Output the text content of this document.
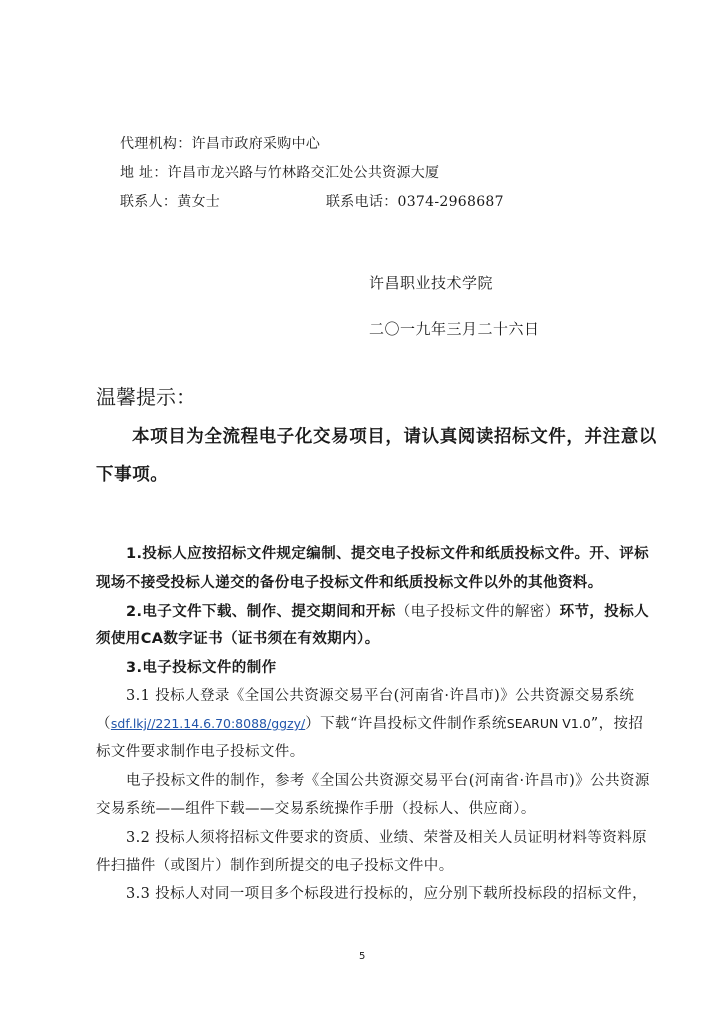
代理机构：许昌市政府采购中心
地 址：许昌市龙兴路与竹林路交汇处公共资源大厦
联系人：黄女士	联系电话：0374-2968687
许昌职业技术学院
二〇一九年三月二十六日
温馨提示：
本项目为全流程电子化交易项目，请认真阅读招标文件，并注意以
下事项。
1.投标人应按招标文件规定编制、提交电子投标文件和纸质投标文件。开、评标
现场不接受投标人递交的备份电子投标文件和纸质投标文件以外的其他资料。
2.电子文件下载、制作、提交期间和开标（电子投标文件的解密）环节，投标人
须使用CA数字证书（证书须在有效期内）。
3.电子投标文件的制作
3.1 投标人登录《全国公共资源交易平台(河南省·许昌市)》公共资源交易系统
（sdf.lkj//221.14.6.70:8088/ggzy/）下载“许昌投标文件制作系统SEARUN V1.0”，按招
标文件要求制作电子投标文件。
电子投标文件的制作，参考《全国公共资源交易平台(河南省·许昌市)》公共资源
交易系统——组件下载——交易系统操作手册（投标人、供应商）。
3.2 投标人须将招标文件要求的资质、业绩、荣誉及相关人员证明材料等资料原
件扫描件（或图片）制作到所提交的电子投标文件中。
3.3 投标人对同一项目多个标段进行投标的，应分别下载所投标段的招标文件，
5
